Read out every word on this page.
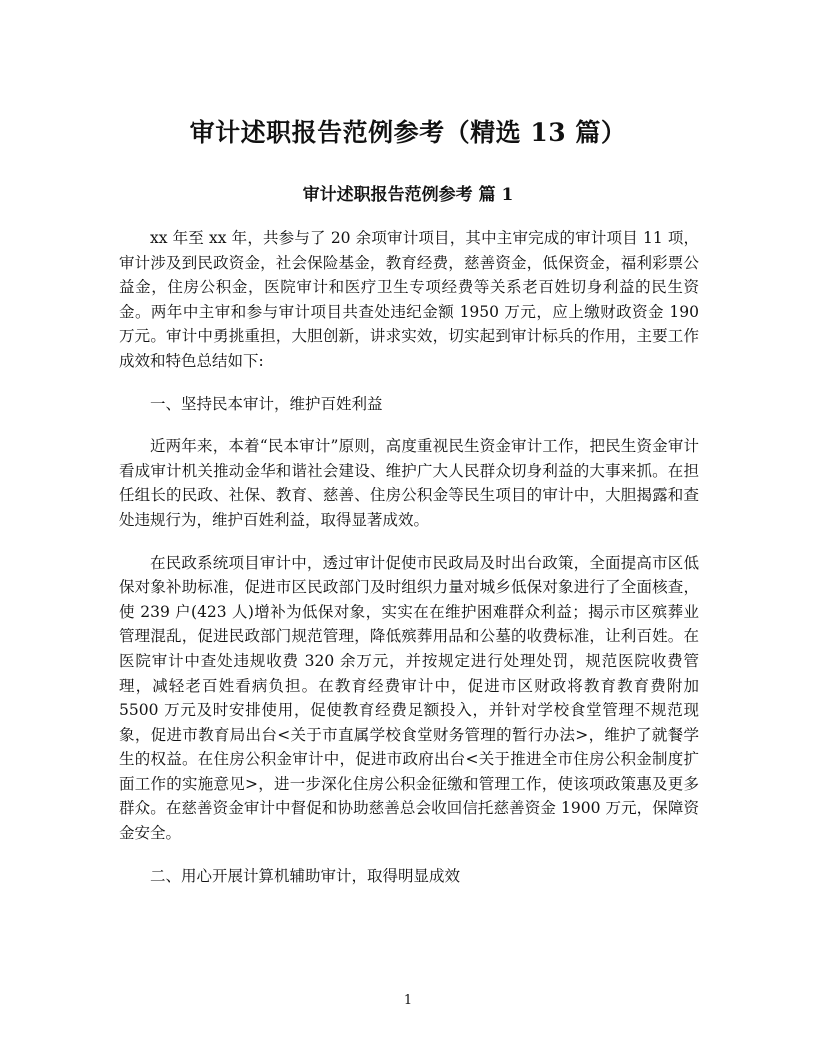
审计述职报告范例参考（精选 13 篇）
审计述职报告范例参考 篇 1

xx 年至 xx 年，共参与了 20 余项审计项目，其中主审完成的审计项目 11 项，审计涉及到民政资金，社会保险基金，教育经费，慈善资金，低保资金，福利彩票公益金，住房公积金，医院审计和医疗卫生专项经费等关系老百姓切身利益的民生资金。两年中主审和参与审计项目共查处违纪金额 1950 万元，应上缴财政资金 190 万元。审计中勇挑重担，大胆创新，讲求实效，切实起到审计标兵的作用，主要工作成效和特色总结如下:

一、坚持民本审计，维护百姓利益

近两年来，本着“民本审计”原则，高度重视民生资金审计工作，把民生资金审计看成审计机关推动金华和谐社会建设、维护广大人民群众切身利益的大事来抓。在担任组长的民政、社保、教育、慈善、住房公积金等民生项目的审计中，大胆揭露和查处违规行为，维护百姓利益，取得显著成效。

在民政系统项目审计中，透过审计促使市民政局及时出台政策，全面提高市区低保对象补助标准，促进市区民政部门及时组织力量对城乡低保对象进行了全面核查，使 239 户(423 人)增补为低保对象，实实在在维护困难群众利益；揭示市区殡葬业管理混乱，促进民政部门规范管理，降低殡葬用品和公墓的收费标准，让利百姓。在医院审计中查处违规收费 320 余万元，并按规定进行处理处罚，规范医院收费管理，减轻老百姓看病负担。在教育经费审计中，促进市区财政将教育教育费附加 5500 万元及时安排使用，促使教育经费足额投入，并针对学校食堂管理不规范现象，促进市教育局出台<关于市直属学校食堂财务管理的暂行办法>，维护了就餐学生的权益。在住房公积金审计中，促进市政府出台<关于推进全市住房公积金制度扩面工作的实施意见>，进一步深化住房公积金征缴和管理工作，使该项政策惠及更多群众。在慈善资金审计中督促和协助慈善总会收回信托慈善资金 1900 万元，保障资金安全。

二、用心开展计算机辅助审计，取得明显成效

1
